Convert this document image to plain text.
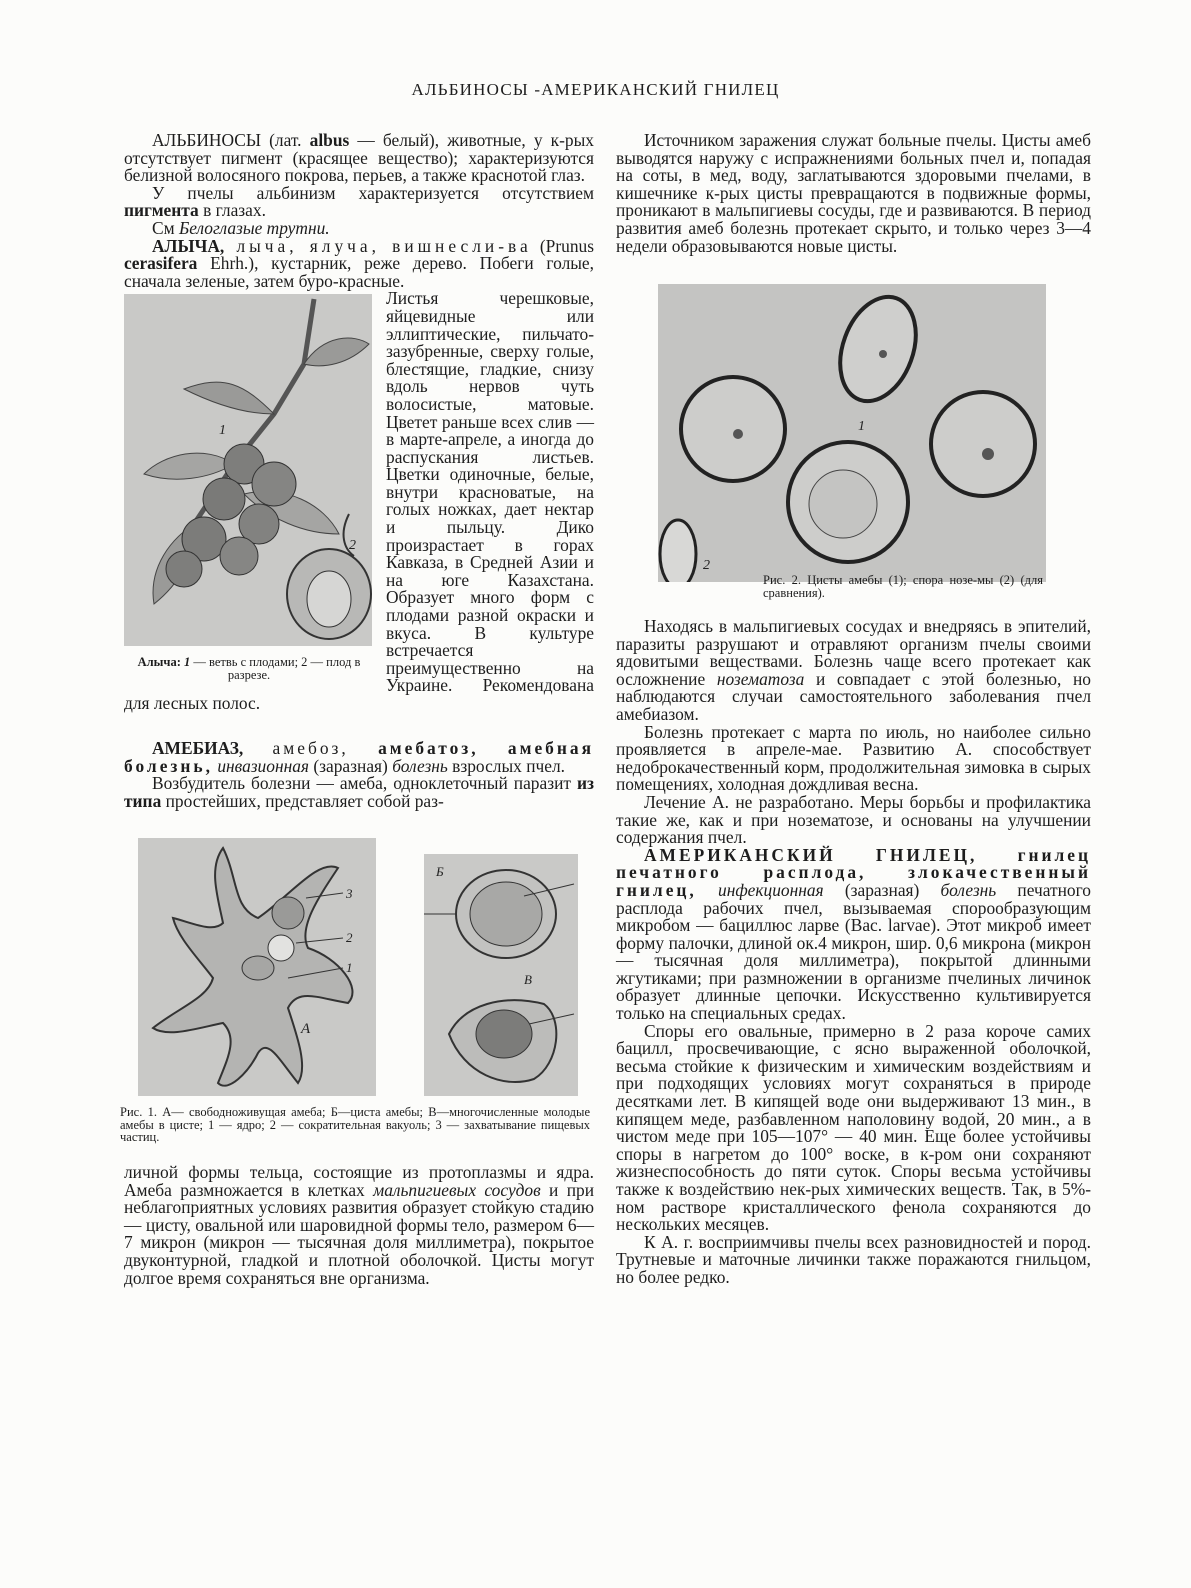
АЛЬБИНОСЫ -АМЕРИКАНСКИЙ ГНИЛЕЦ

АЛЬБИНОСЫ (лат. albus — белый), животные, у к-рых отсутствует пигмент (красящее вещество); характеризуются белизной волосяного покрова, перьев, а также краснотой глаз.

У пчелы альбинизм характеризуется отсутствием пигмента в глазах.

См Белоглазые трутни.

АЛЫЧА, лыча, ялуча, вишнесли-ва (Prunus cerasifera Ehrh.), кустарник, реже дерево. Побеги голые, сначала зеленые, затем буро-красные.

1
2
Алыча: 1 — ветвь с плодами; 2 — плод в разрезе.

Листья черешковые, яйцевидные или эллиптические, пильчато-зазубренные, сверху голые, блестящие, гладкие, снизу вдоль нервов чуть волосистые, матовые. Цветет раньше всех слив — в марте-апреле, а иногда до распускания листьев. Цветки одиночные, белые, внутри красноватые, на голых ножках, дает нектар и пыльцу. Дико произрастает в горах Кавказа, в Средней Азии и на юге Казахстана. Образует много форм с плодами разной окраски и вкуса. В культуре встречается преимущественно на Украине. Рекомендована для лесных полос.

АМЕБИАЗ, амебоз, амебатоз, амебная болезнь, инвазионная (заразная) болезнь взрослых пчел.

Возбудитель болезни — амеба, одноклеточный паразит из типа простейших, представляет собой раз-

3
2
1
А
Б
В
Рис. 1. А— свободноживущая амеба; Б—циста амебы; В—многочисленные молодые амебы в цисте; 1 — ядро; 2 — сократительная вакуоль; 3 — захватывание пищевых частиц.

личной формы тельца, состоящие из протоплазмы и ядра. Амеба размножается в клетках мальпигиевых сосудов и при неблагоприятных условиях развития образует стойкую стадию — цисту, овальной или шаровидной формы тело, размером 6—7 микрон (микрон — тысячная доля миллиметра), покрытое двуконтурной, гладкой и плотной оболочкой. Цисты могут долгое время сохраняться вне организма.

Источником заражения служат больные пчелы. Цисты амеб выводятся наружу с испражнениями больных пчел и, попадая на соты, в мед, воду, заглатываются здоровыми пчелами, в кишечнике к-рых цисты превращаются в подвижные формы, проникают в мальпигиевы сосуды, где и развиваются. В период развития амеб болезнь протекает скрыто, и только через 3—4 недели образовываются новые цисты.

1
2
Рис. 2. Цисты амебы (1); спора нозе-мы (2) (для сравнения).

Находясь в мальпигиевых сосудах и внедряясь в эпителий, паразиты разрушают и отравляют организм пчелы своими ядовитыми веществами. Болезнь чаще всего протекает как осложнение нозематоза и совпадает с этой болезнью, но наблюдаются случаи самостоятельного заболевания пчел амебиазом.

Болезнь протекает с марта по июль, но наиболее сильно проявляется в апреле-мае. Развитию А. способствует недоброкачественный корм, продолжительная зимовка в сырых помещениях, холодная дождливая весна.

Лечение А. не разработано. Меры борьбы и профилактика такие же, как и при нозематозе, и основаны на улучшении содержания пчел.

АМЕРИКАНСКИЙ ГНИЛЕЦ, гнилец печатного расплода, злокачественный гнилец, инфекционная (заразная) болезнь печатного расплода рабочих пчел, вызываемая спорообразующим микробом — бациллюс ларве (Bac. larvae). Этот микроб имеет форму палочки, длиной ок.4 микрон, шир. 0,6 микрона (микрон — тысячная доля миллиметра), покрытой длинными жгутиками; при размножении в организме пчелиных личинок образует длинные цепочки. Искусственно культивируется только на специальных средах.

Споры его овальные, примерно в 2 раза короче самих бацилл, просвечивающие, с ясно выраженной оболочкой, весьма стойкие к физическим и химическим воздействиям и при подходящих условиях могут сохраняться в природе десятками лет. В кипящей воде они выдерживают 13 мин., в кипящем меде, разбавленном наполовину водой, 20 мин., а в чистом меде при 105—107° — 40 мин. Еще более устойчивы споры в нагретом до 100° воске, в к-ром они сохраняют жизнеспособность до пяти суток. Споры весьма устойчивы также к воздействию нек-рых химических веществ. Так, в 5%-ном растворе кристаллического фенола сохраняются до нескольких месяцев.

К А. г. восприимчивы пчелы всех разновидностей и пород. Трутневые и маточные личинки также поражаются гнильцом, но более редко.
